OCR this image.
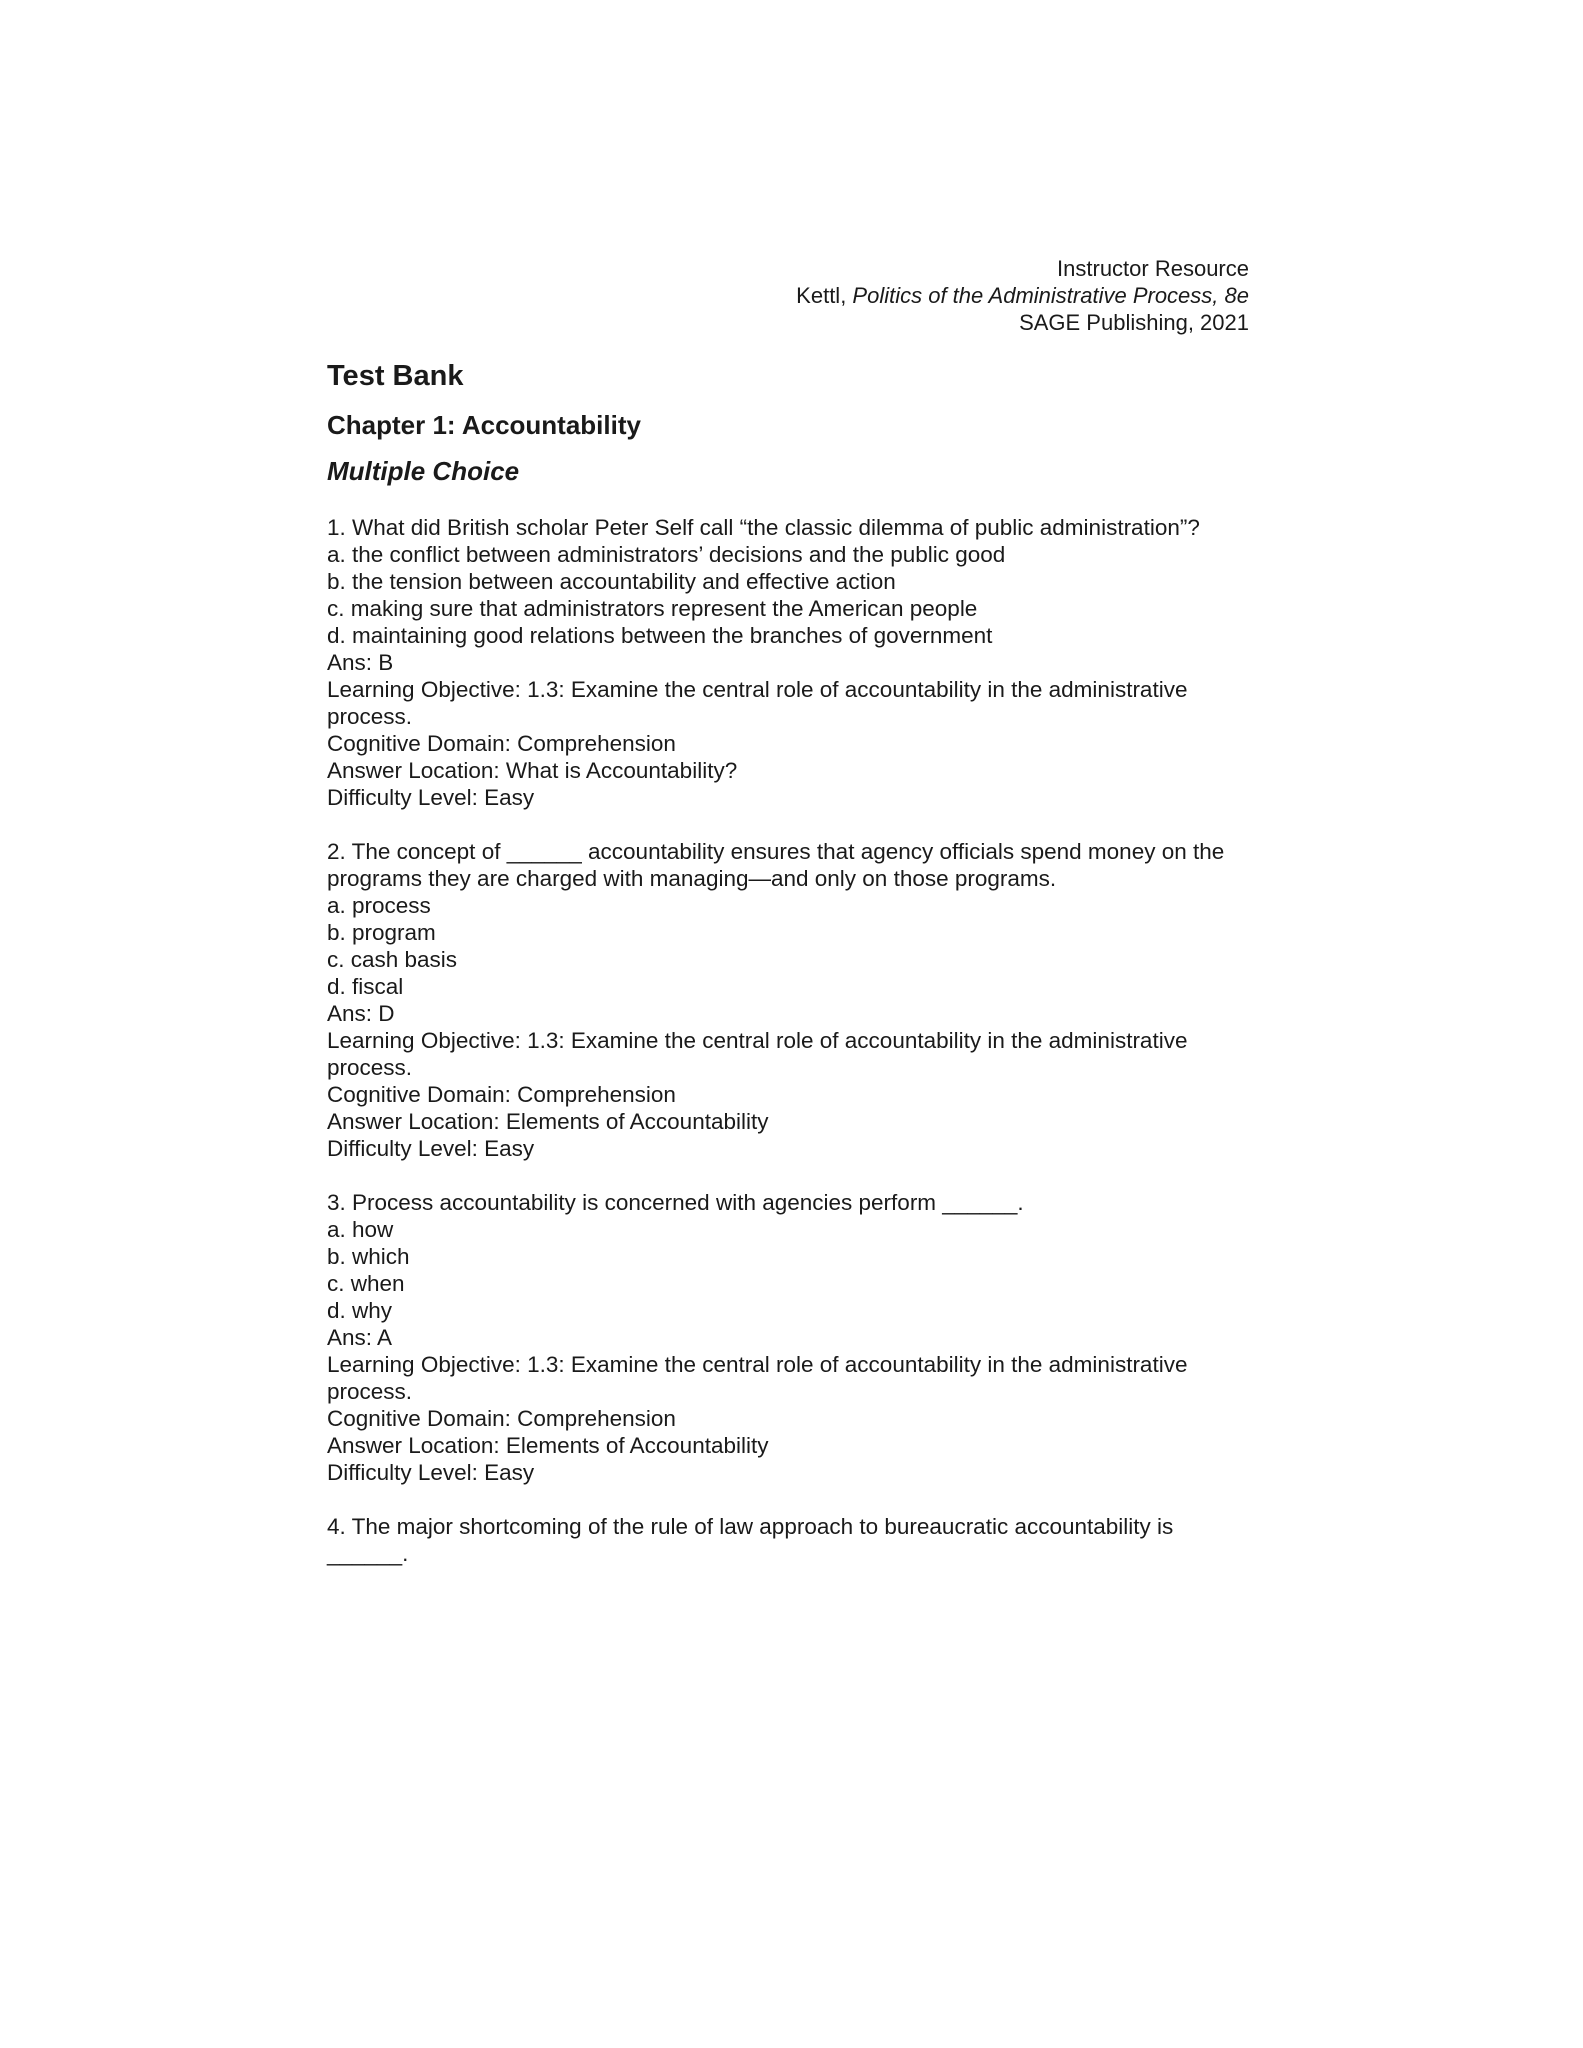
Instructor Resource
Kettl, Politics of the Administrative Process, 8e
SAGE Publishing, 2021
Test Bank
Chapter 1: Accountability
Multiple Choice
1. What did British scholar Peter Self call “the classic dilemma of public administration”?
a. the conflict between administrators’ decisions and the public good
b. the tension between accountability and effective action
c. making sure that administrators represent the American people
d. maintaining good relations between the branches of government
Ans: B
Learning Objective: 1.3: Examine the central role of accountability in the administrative process.
Cognitive Domain: Comprehension
Answer Location: What is Accountability?
Difficulty Level: Easy
2. The concept of ______ accountability ensures that agency officials spend money on the programs they are charged with managing—and only on those programs.
a. process
b. program
c. cash basis
d. fiscal
Ans: D
Learning Objective: 1.3: Examine the central role of accountability in the administrative process.
Cognitive Domain: Comprehension
Answer Location: Elements of Accountability
Difficulty Level: Easy
3. Process accountability is concerned with agencies perform ______.
a. how
b. which
c. when
d. why
Ans: A
Learning Objective: 1.3: Examine the central role of accountability in the administrative process.
Cognitive Domain: Comprehension
Answer Location: Elements of Accountability
Difficulty Level: Easy
4. The major shortcoming of the rule of law approach to bureaucratic accountability is ______.
